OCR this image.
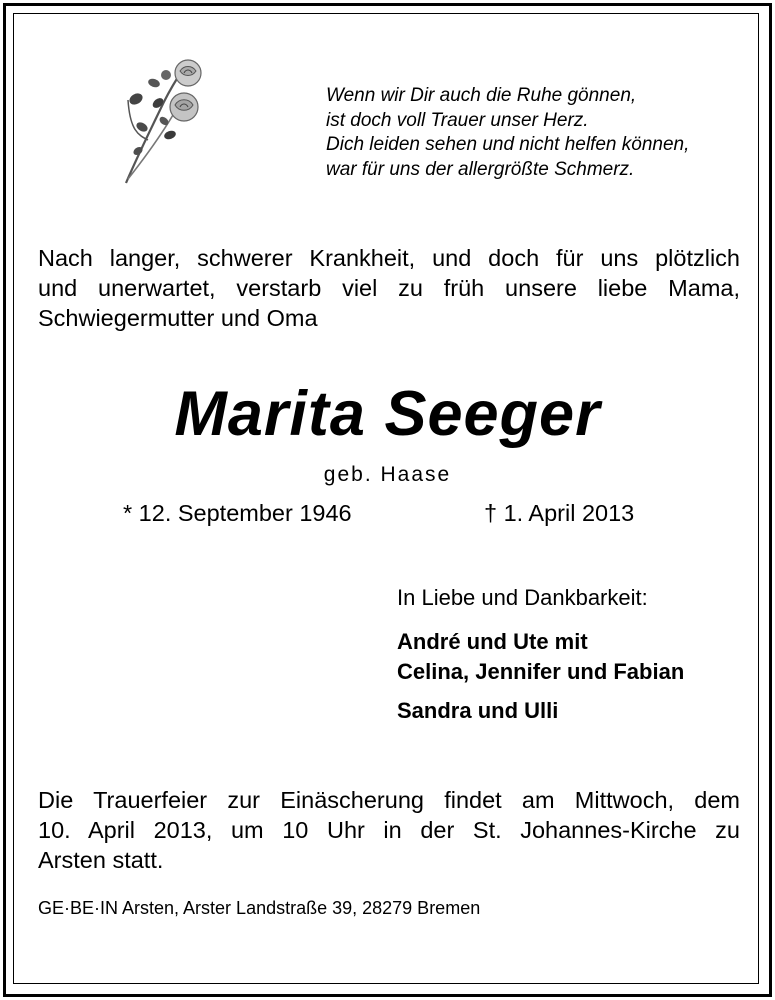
Wenn wir Dir auch die Ruhe gönnen,
ist doch voll Trauer unser Herz.
Dich leiden sehen und nicht helfen können,
war für uns der allergrößte Schmerz.
Nach langer, schwerer Krankheit, und doch für uns plötzlich
und unerwartet, verstarb viel zu früh unsere liebe Mama,
Schwiegermutter und Oma
Marita Seeger
geb. Haase
* 12. September 1946	† 1. April 2013
In Liebe und Dankbarkeit:
André und Ute mit
Celina, Jennifer und Fabian
Sandra und Ulli
Die Trauerfeier zur Einäscherung findet am Mittwoch, dem
10. April 2013, um 10 Uhr in der St. Johannes-Kirche zu
Arsten statt.
GE·BE·IN Arsten, Arster Landstraße 39, 28279 Bremen
